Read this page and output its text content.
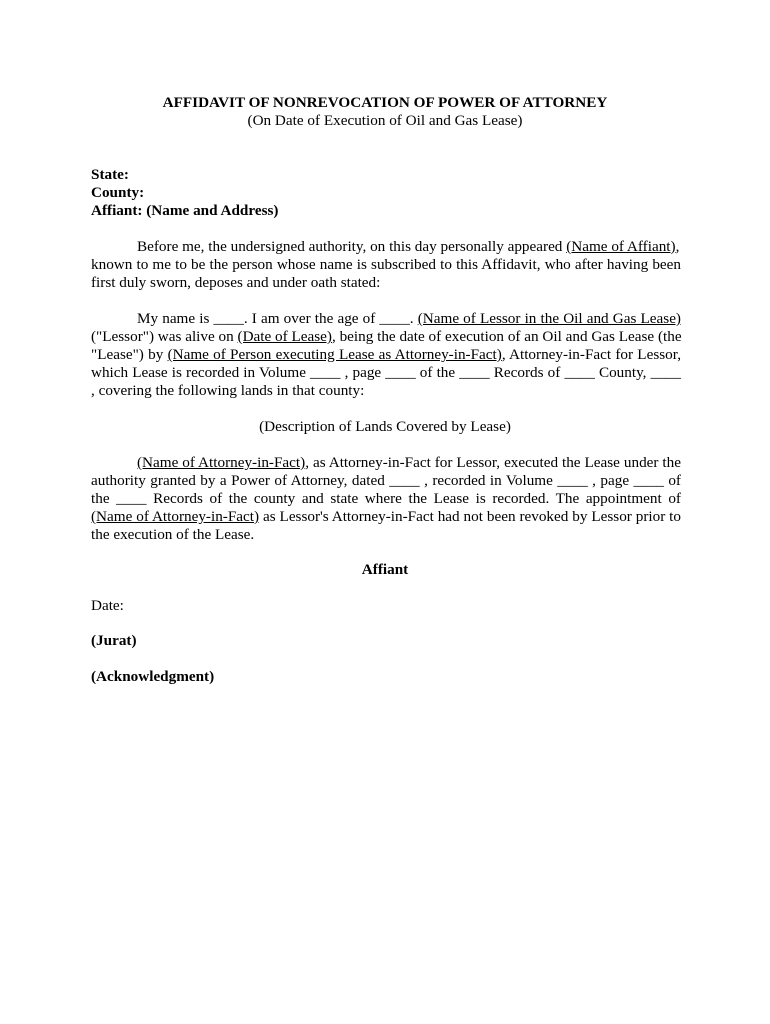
AFFIDAVIT OF NONREVOCATION OF POWER OF ATTORNEY
(On Date of Execution of Oil and Gas Lease)
State:
County:
Affiant: (Name and Address)
Before me, the undersigned authority, on this day personally appeared (Name of Affiant),
known to me to be the person whose name is subscribed to this Affidavit, who after having been
first duly sworn, deposes and under oath stated:
My name is ____. I am over the age of ____. (Name of Lessor in the Oil and Gas Lease)
("Lessor") was alive on (Date of Lease), being the date of execution of an Oil and Gas Lease (the
"Lease") by (Name of Person executing Lease as Attorney-in-Fact), Attorney-in-Fact for Lessor,
which Lease is recorded in Volume ____ , page ____ of the ____ Records of ____ County, ____
, covering the following lands in that county:
(Description of Lands Covered by Lease)
(Name of Attorney-in-Fact), as Attorney-in-Fact for Lessor, executed the Lease under the
authority granted by a Power of Attorney, dated ____ , recorded in Volume ____ , page ____ of
the ____ Records of the county and state where the Lease is recorded. The appointment of
(Name of Attorney-in-Fact) as Lessor's Attorney-in-Fact had not been revoked by Lessor prior to
the execution of the Lease.
Affiant
Date:
(Jurat)
(Acknowledgment)
